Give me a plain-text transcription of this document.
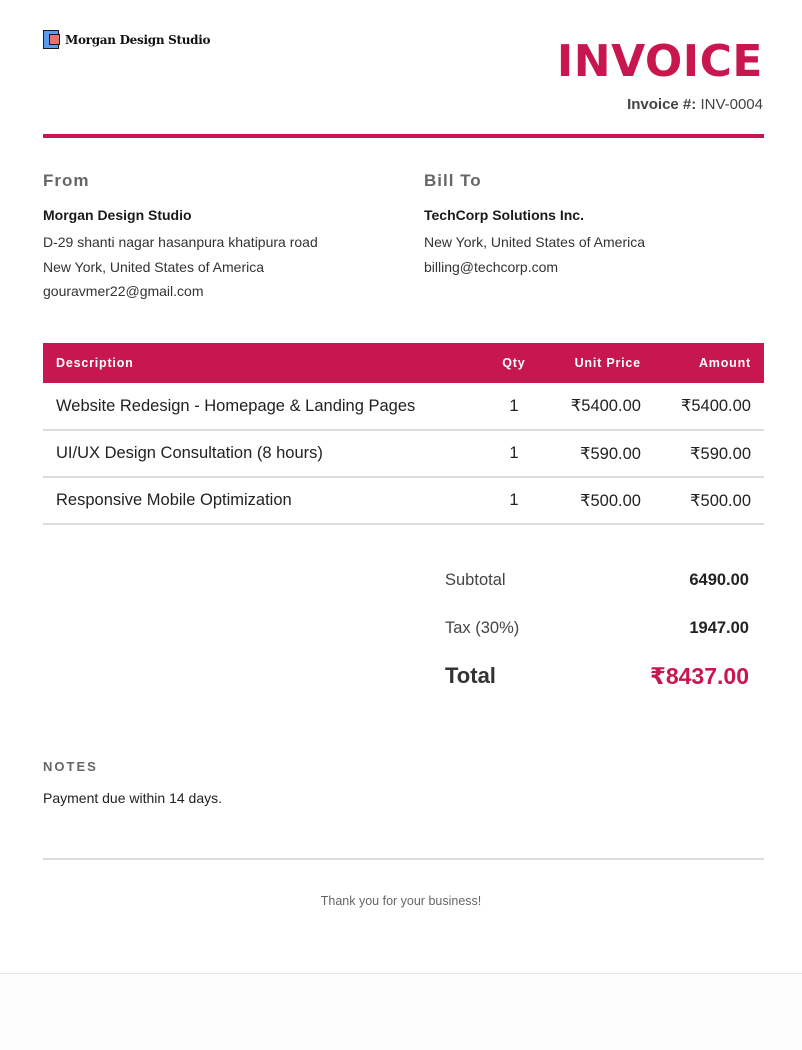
Morgan Design Studio	INVOICE
Invoice #: INV-0004
From
Morgan Design Studio
D-29 shanti nagar hasanpura khatipura road
New York, United States of America
gouravmer22@gmail.com
Bill To
TechCorp Solutions Inc.
New York, United States of America
billing@techcorp.com
Description	Qty	Unit Price	Amount
Website Redesign - Homepage & Landing Pages	1	₹5400.00	₹5400.00
UI/UX Design Consultation (8 hours)	1	₹590.00	₹590.00
Responsive Mobile Optimization	1	₹500.00	₹500.00
Subtotal	6490.00
Tax (30%)	1947.00
Total	₹8437.00
NOTES
Payment due within 14 days.
Thank you for your business!
